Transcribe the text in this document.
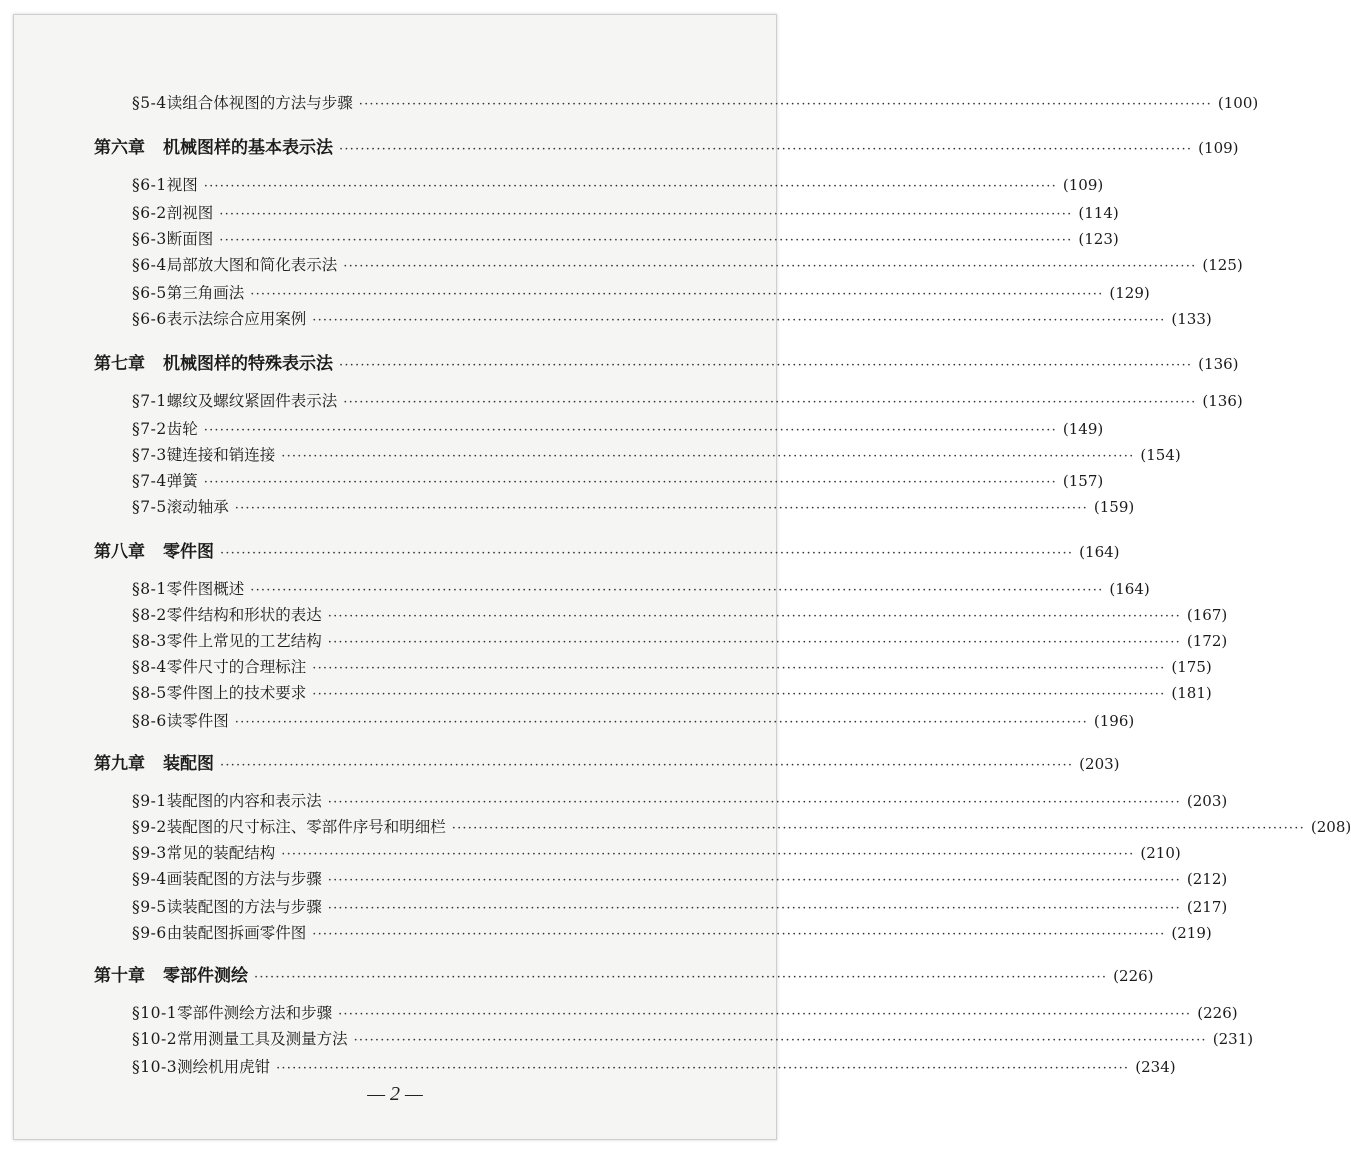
§5-4 读组合体视图的方法与步骤 ································································································································································ (100)
第六章 机械图样的基本表示法 ································································································································································ (109)
§6-1 视图 ································································································································································ (109)
§6-2 剖视图 ································································································································································ (114)
§6-3 断面图 ································································································································································ (123)
§6-4 局部放大图和简化表示法 ································································································································································ (125)
§6-5 第三角画法 ································································································································································ (129)
§6-6 表示法综合应用案例 ································································································································································ (133)
第七章 机械图样的特殊表示法 ································································································································································ (136)
§7-1 螺纹及螺纹紧固件表示法 ································································································································································ (136)
§7-2 齿轮 ································································································································································ (149)
§7-3 键连接和销连接 ································································································································································ (154)
§7-4 弹簧 ································································································································································ (157)
§7-5 滚动轴承 ································································································································································ (159)
第八章 零件图 ································································································································································ (164)
§8-1 零件图概述 ································································································································································ (164)
§8-2 零件结构和形状的表达 ································································································································································ (167)
§8-3 零件上常见的工艺结构 ································································································································································ (172)
§8-4 零件尺寸的合理标注 ································································································································································ (175)
§8-5 零件图上的技术要求 ································································································································································ (181)
§8-6 读零件图 ································································································································································ (196)
第九章 装配图 ································································································································································ (203)
§9-1 装配图的内容和表示法 ································································································································································ (203)
§9-2 装配图的尺寸标注、零部件序号和明细栏 ································································································································································ (208)
§9-3 常见的装配结构 ································································································································································ (210)
§9-4 画装配图的方法与步骤 ································································································································································ (212)
§9-5 读装配图的方法与步骤 ································································································································································ (217)
§9-6 由装配图拆画零件图 ································································································································································ (219)
第十章 零部件测绘 ································································································································································ (226)
§10-1 零部件测绘方法和步骤 ································································································································································ (226)
§10-2 常用测量工具及测量方法 ································································································································································ (231)
§10-3 测绘机用虎钳 ································································································································································ (234)
— 2 —
